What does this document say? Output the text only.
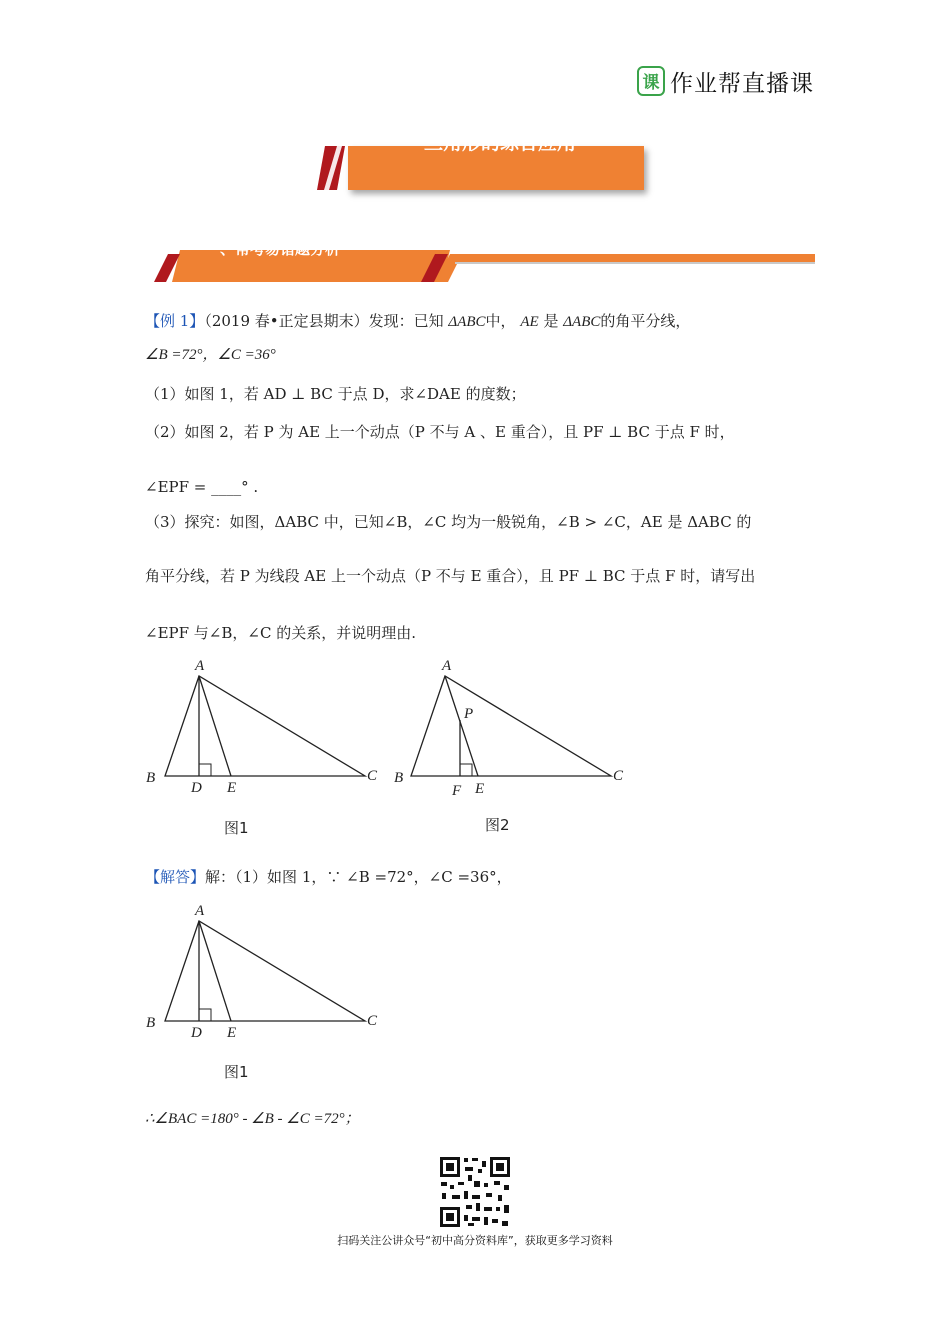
课 作业帮直播课
三角形的综合应用
一、常考易错题分析
【例 1】（2019 春•正定县期末）发现：已知 ΔABC中， AE 是 ΔABC的角平分线，
∠B =72°，∠C =36°
（1）如图 1，若 AD ⊥ BC 于点 D，求∠DAE 的度数；
（2）如图 2，若 P 为 AE 上一个动点（P 不与 A 、E 重合），且 PF ⊥ BC 于点 F 时，
∠EPF = ____° .
（3）探究：如图，ΔABC 中，已知∠B，∠C 均为一般锐角，∠B > ∠C，AE 是 ΔABC 的
角平分线，若 P 为线段 AE 上一个动点（P 不与 E 重合），且 PF ⊥ BC 于点 F 时，请写出
∠EPF 与∠B，∠C 的关系，并说明理由.
A
B	C
D E
图1
A
P
B	C
F E
图2
【解答】解：（1）如图 1，∵ ∠B =72°，∠C =36°，
A
B	C
D E
图1
∴∠BAC =180° - ∠B - ∠C =72°；
扫码关注公讲众号“初中高分资料库”，获取更多学习资料
